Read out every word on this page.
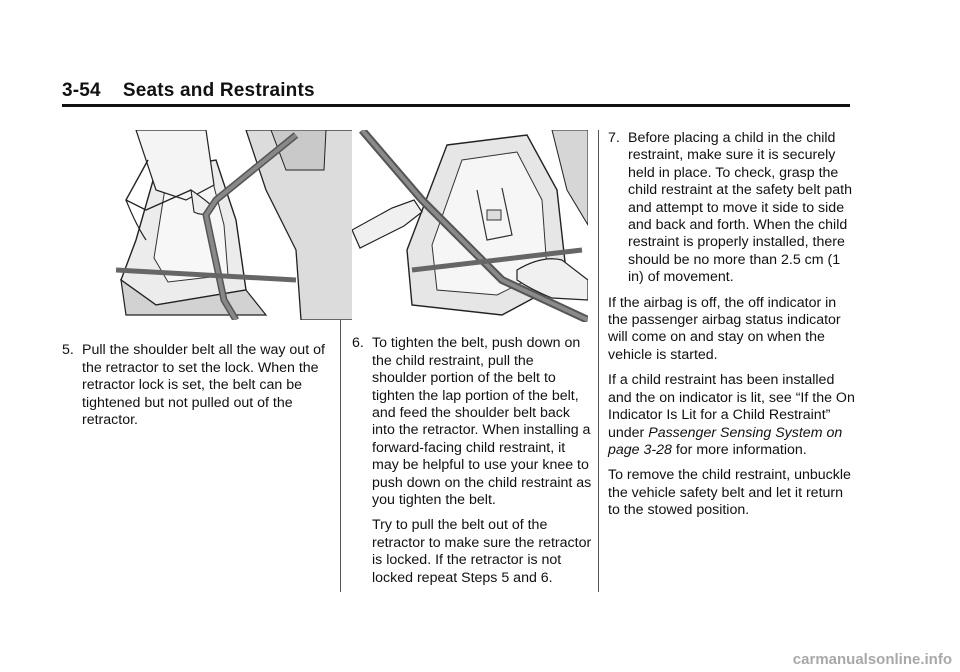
3-54 Seats and Restraints
5. Pull the shoulder belt all the way out of the retractor to set the lock. When the retractor lock is set, the belt can be tightened but not pulled out of the retractor.
6. To tighten the belt, push down on the child restraint, pull the shoulder portion of the belt to tighten the lap portion of the belt, and feed the shoulder belt back into the retractor. When installing a forward-facing child restraint, it may be helpful to use your knee to push down on the child restraint as you tighten the belt.

Try to pull the belt out of the retractor to make sure the retractor is locked. If the retractor is not locked repeat Steps 5 and 6.

7. Before placing a child in the child restraint, make sure it is securely held in place. To check, grasp the child restraint at the safety belt path and attempt to move it side to side and back and forth. When the child restraint is properly installed, there should be no more than 2.5 cm (1 in) of movement.

If the airbag is off, the off indicator in the passenger airbag status indicator will come on and stay on when the vehicle is started.

If a child restraint has been installed and the on indicator is lit, see “If the On Indicator Is Lit for a Child Restraint” under Passenger Sensing System on page 3-28 for more information.

To remove the child restraint, unbuckle the vehicle safety belt and let it return to the stowed position.

carmanualsonline.info
